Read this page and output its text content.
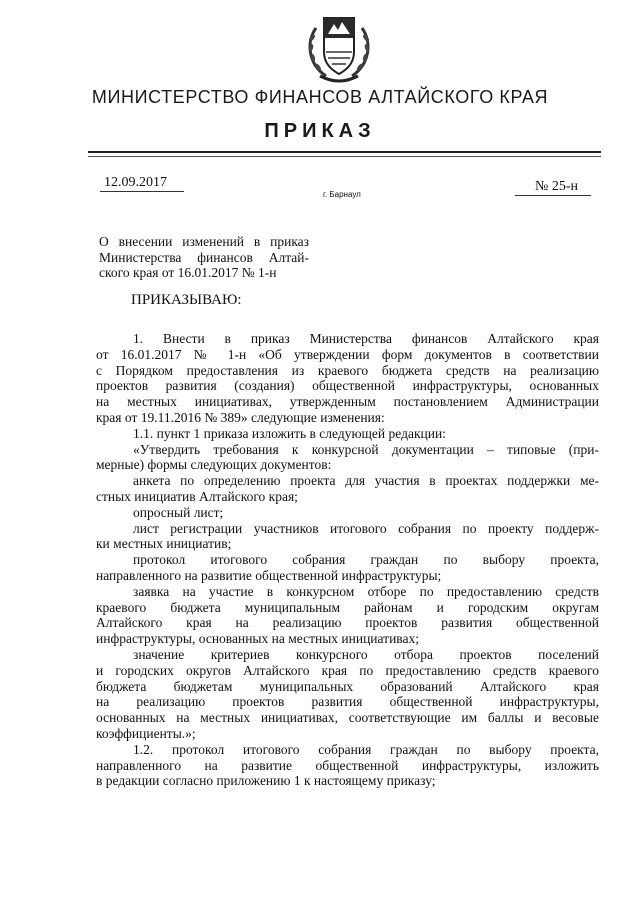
МИНИСТЕРСТВО ФИНАНСОВ АЛТАЙСКОГО КРАЯ
ПРИКАЗ
12.09.2017
г. Барнаул
№ 25-н
О внесении изменений в приказ
Министерства финансов Алтай-
ского края от 16.01.2017 № 1-н
ПРИКАЗЫВАЮ:
1. Внести в приказ Министерства финансов Алтайского края
от 16.01.2017 № 1-н «Об утверждении форм документов в соответствии
с Порядком предоставления из краевого бюджета средств на реализацию
проектов развития (создания) общественной инфраструктуры, основанных
на местных инициативах, утвержденным постановлением Администрации
края от 19.11.2016 № 389» следующие изменения:
1.1. пункт 1 приказа изложить в следующей редакции:
«Утвердить требования к конкурсной документации – типовые (при-
мерные) формы следующих документов:
анкета по определению проекта для участия в проектах поддержки ме-
стных инициатив Алтайского края;
опросный лист;
лист регистрации участников итогового собрания по проекту поддерж-
ки местных инициатив;
протокол итогового собрания граждан по выбору проекта,
направленного на развитие общественной инфраструктуры;
заявка на участие в конкурсном отборе по предоставлению средств
краевого бюджета муниципальным районам и городским округам
Алтайского края на реализацию проектов развития общественной
инфраструктуры, основанных на местных инициативах;
значение критериев конкурсного отбора проектов поселений
и городских округов Алтайского края по предоставлению средств краевого
бюджета бюджетам муниципальных образований Алтайского края
на реализацию проектов развития общественной инфраструктуры,
основанных на местных инициативах, соответствующие им баллы и весовые
коэффициенты.»;
1.2. протокол итогового собрания граждан по выбору проекта,
направленного на развитие общественной инфраструктуры, изложить
в редакции согласно приложению 1 к настоящему приказу;
